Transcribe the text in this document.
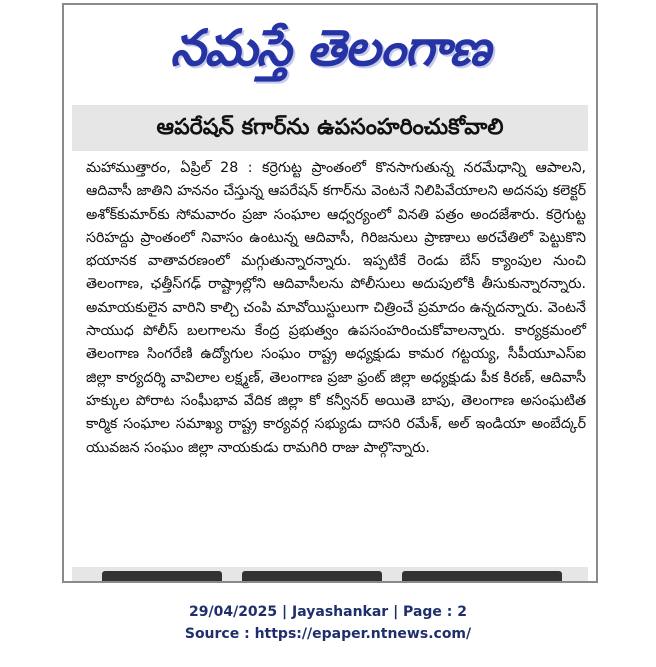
నమస్తే తెలంగాణ
ఆపరేషన్ కగార్‌ను ఉపసంహరించుకోవాలి

మహాముత్తారం, ఏప్రిల్ 28 : కర్రెగుట్ట ప్రాంతంలో కొనసాగుతున్న నరమేధాన్ని ఆపాలని, ఆదివాసీ జాతిని హననం చేస్తున్న ఆపరేషన్ కగార్‌ను వెంటనే నిలిపివేయాలని అదనపు కలెక్టర్ అశోక్‌కుమార్‌కు సోమవారం ప్రజా సంఘాల ఆధ్వర్యంలో వినతి పత్రం అందజేశారు. కర్రెగుట్ట సరిహద్దు ప్రాంతంలో నివాసం ఉంటున్న ఆదివాసీ, గిరిజనులు ప్రాణాలు అరచేతిలో పెట్టుకొని భయానక వాతావరణంలో మగ్గుతున్నారన్నారు. ఇప్పటికే రెండు బేస్ క్యాంపుల నుంచి తెలంగాణ, ఛత్తీస్‌గఢ్ రాష్ట్రాల్లోని ఆదివాసీలను పోలీసులు అదుపులోకి తీసుకున్నారన్నారు. అమాయకులైన వారిని కాల్చి చంపి మావోయిస్టులుగా చిత్రించే ప్రమాదం ఉన్నదన్నారు. వెంటనే సాయుధ పోలీస్ బలగాలను కేంద్ర ప్రభుత్వం ఉపసంహరించుకోవాలన్నారు. కార్యక్రమంలో తెలంగాణ సింగరేణి ఉద్యోగుల సంఘం రాష్ట్ర అధ్యక్షుడు కామర గట్టయ్య, సీపీయూఎస్ఐ జిల్లా కార్యదర్శి వావిలాల లక్ష్మణ్, తెలంగాణ ప్రజా ఫ్రంట్ జిల్లా అధ్యక్షుడు పీక కిరణ్, ఆదివాసీ హక్కుల పోరాట సంఘీభావ వేదిక జిల్లా కో కన్వీనర్ అయితె బాపు, తెలంగాణ అసంఘటిత కార్మిక సంఘాల సమాఖ్య రాష్ట్ర కార్యవర్గ సభ్యుడు దాసరి రమేశ్, అల్ ఇండియా అంబేద్కర్ యువజన సంఘం జిల్లా నాయకుడు రామగిరి రాజు పాల్గొన్నారు.

29/04/2025 | Jayashankar | Page : 2
Source : https://epaper.ntnews.com/
